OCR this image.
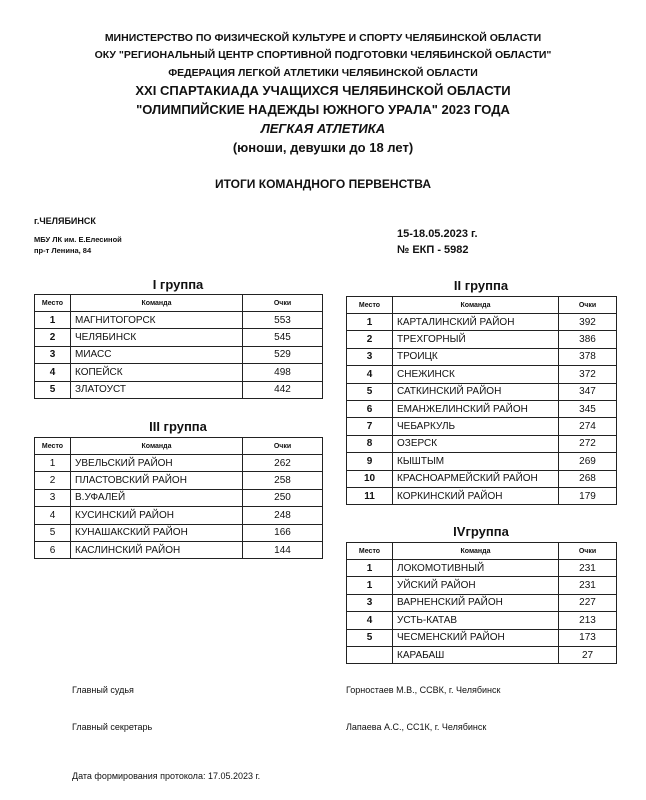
МИНИСТЕРСТВО ПО ФИЗИЧЕСКОЙ КУЛЬТУРЕ И СПОРТУ ЧЕЛЯБИНСКОЙ ОБЛАСТИ
ОКУ "РЕГИОНАЛЬНЫЙ ЦЕНТР СПОРТИВНОЙ ПОДГОТОВКИ ЧЕЛЯБИНСКОЙ ОБЛАСТИ"
ФЕДЕРАЦИЯ ЛЕГКОЙ АТЛЕТИКИ ЧЕЛЯБИНСКОЙ ОБЛАСТИ
XXI СПАРТАКИАДА УЧАЩИХСЯ ЧЕЛЯБИНСКОЙ ОБЛАСТИ
"ОЛИМПИЙСКИЕ НАДЕЖДЫ ЮЖНОГО УРАЛА" 2023 ГОДА
ЛЕГКАЯ АТЛЕТИКА
(юноши, девушки до 18 лет)
ИТОГИ КОМАНДНОГО ПЕРВЕНСТВА
г.ЧЕЛЯБИНСК
МБУ ЛК им. Е.Елесиной
пр-т Ленина, 84
15-18.05.2023 г.
№ ЕКП - 5982
I группа
Место	Команда	Очки
1	МАГНИТОГОРСК	553
2	ЧЕЛЯБИНСК	545
3	МИАСС	529
4	КОПЕЙСК	498
5	ЗЛАТОУСТ	442
III группа
Место	Команда	Очки
1	УВЕЛЬСКИЙ РАЙОН	262
2	ПЛАСТОВСКИЙ РАЙОН	258
3	В.УФАЛЕЙ	250
4	КУСИНСКИЙ РАЙОН	248
5	КУНАШАКСКИЙ РАЙОН	166
6	КАСЛИНСКИЙ РАЙОН	144
II группа
Место	Команда	Очки
1	КАРТАЛИНСКИЙ РАЙОН	392
2	ТРЕХГОРНЫЙ	386
3	ТРОИЦК	378
4	СНЕЖИНСК	372
5	САТКИНСКИЙ РАЙОН	347
6	ЕМАНЖЕЛИНСКИЙ РАЙОН	345
7	ЧЕБАРКУЛЬ	274
8	ОЗЕРСК	272
9	КЫШТЫМ	269
10	КРАСНОАРМЕЙСКИЙ РАЙОН	268
11	КОРКИНСКИЙ РАЙОН	179
IVгруппа
Место	Команда	Очки
1	ЛОКОМОТИВНЫЙ	231
1	УЙСКИЙ РАЙОН	231
3	ВАРНЕНСКИЙ РАЙОН	227
4	УСТЬ-КАТАВ	213
5	ЧЕСМЕНСКИЙ РАЙОН	173
	КАРАБАШ	27
Главный судья	Горностаев М.В., ССВК, г. Челябинск
Главный секретарь	Лапаева А.С., СС1К, г. Челябинск
Дата формирования протокола: 17.05.2023 г.
